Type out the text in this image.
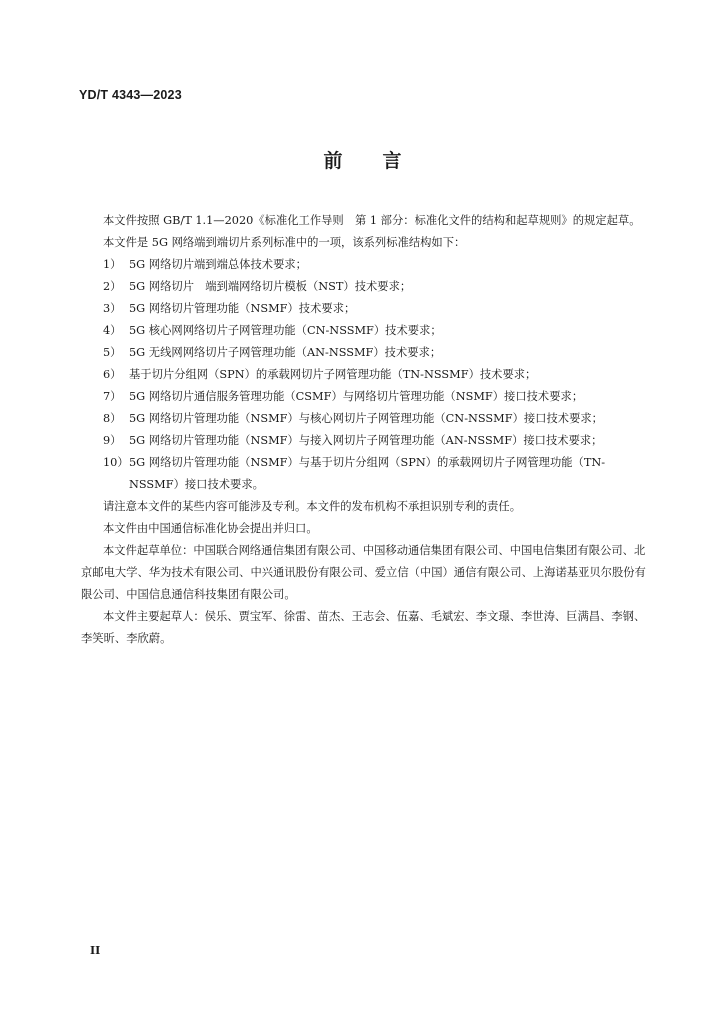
YD/T 4343—2023
前言

本文件按照 GB/T 1.1—2020《标准化工作导则　第 1 部分：标准化文件的结构和起草规则》的规定起草。

本文件是 5G 网络端到端切片系列标准中的一项，该系列标准结构如下：

1） 5G 网络切片端到端总体技术要求；

2） 5G 网络切片　端到端网络切片模板（NST）技术要求；

3） 5G 网络切片管理功能（NSMF）技术要求；

4） 5G 核心网网络切片子网管理功能（CN-NSSMF）技术要求；

5） 5G 无线网网络切片子网管理功能（AN-NSSMF）技术要求；

6） 基于切片分组网（SPN）的承载网切片子网管理功能（TN-NSSMF）技术要求；

7） 5G 网络切片通信服务管理功能（CSMF）与网络切片管理功能（NSMF）接口技术要求；

8） 5G 网络切片管理功能（NSMF）与核心网切片子网管理功能（CN-NSSMF）接口技术要求；

9） 5G 网络切片管理功能（NSMF）与接入网切片子网管理功能（AN-NSSMF）接口技术要求；

10） 5G 网络切片管理功能（NSMF）与基于切片分组网（SPN）的承载网切片子网管理功能（TN-NSSMF）接口技术要求。

请注意本文件的某些内容可能涉及专利。本文件的发布机构不承担识别专利的责任。

本文件由中国通信标准化协会提出并归口。

本文件起草单位：中国联合网络通信集团有限公司、中国移动通信集团有限公司、中国电信集团有限公司、北京邮电大学、华为技术有限公司、中兴通讯股份有限公司、爱立信（中国）通信有限公司、上海诺基亚贝尔股份有限公司、中国信息通信科技集团有限公司。

本文件主要起草人：侯乐、贾宝军、徐雷、苗杰、王志会、伍嘉、毛斌宏、李文璟、李世涛、巨满昌、李钢、李笑昕、李欣蔚。

II
